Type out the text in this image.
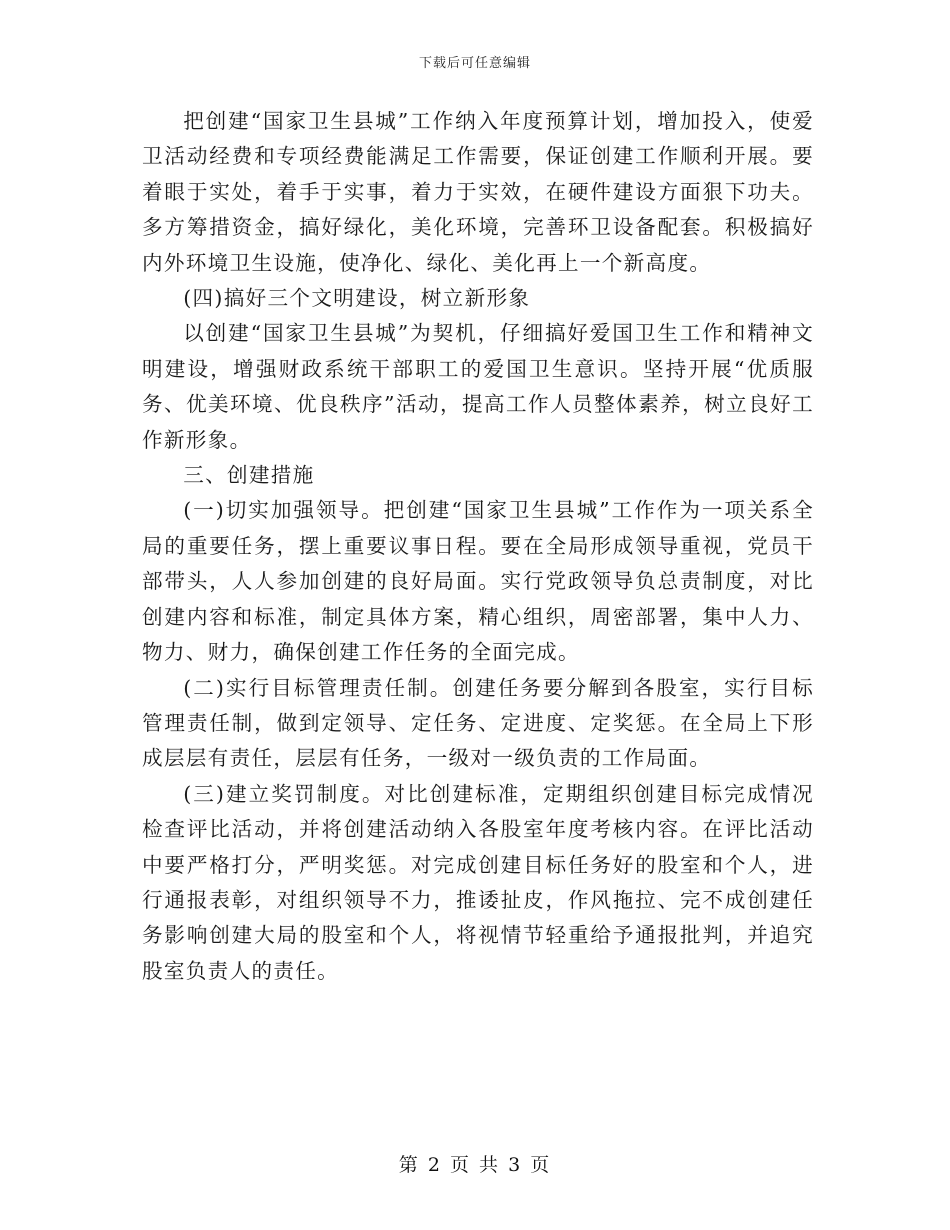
下载后可任意编辑

把创建“国家卫生县城”工作纳入年度预算计划，增加投入，使爱卫活动经费和专项经费能满足工作需要，保证创建工作顺利开展。要着眼于实处，着手于实事，着力于实效，在硬件建设方面狠下功夫。多方筹措资金，搞好绿化，美化环境，完善环卫设备配套。积极搞好内外环境卫生设施，使净化、绿化、美化再上一个新高度。

(四)搞好三个文明建设，树立新形象

以创建“国家卫生县城”为契机，仔细搞好爱国卫生工作和精神文明建设，增强财政系统干部职工的爱国卫生意识。坚持开展“优质服务、优美环境、优良秩序”活动，提高工作人员整体素养，树立良好工作新形象。

三、创建措施

(一)切实加强领导。把创建“国家卫生县城”工作作为一项关系全局的重要任务，摆上重要议事日程。要在全局形成领导重视，党员干部带头，人人参加创建的良好局面。实行党政领导负总责制度，对比创建内容和标准，制定具体方案，精心组织，周密部署，集中人力、物力、财力，确保创建工作任务的全面完成。

(二)实行目标管理责任制。创建任务要分解到各股室，实行目标管理责任制，做到定领导、定任务、定进度、定奖惩。在全局上下形成层层有责任，层层有任务，一级对一级负责的工作局面。

(三)建立奖罚制度。对比创建标准，定期组织创建目标完成情况检查评比活动，并将创建活动纳入各股室年度考核内容。在评比活动中要严格打分，严明奖惩。对完成创建目标任务好的股室和个人，进行通报表彰，对组织领导不力，推诿扯皮，作风拖拉、完不成创建任务影响创建大局的股室和个人，将视情节轻重给予通报批判，并追究股室负责人的责任。

第 2 页 共 3 页
